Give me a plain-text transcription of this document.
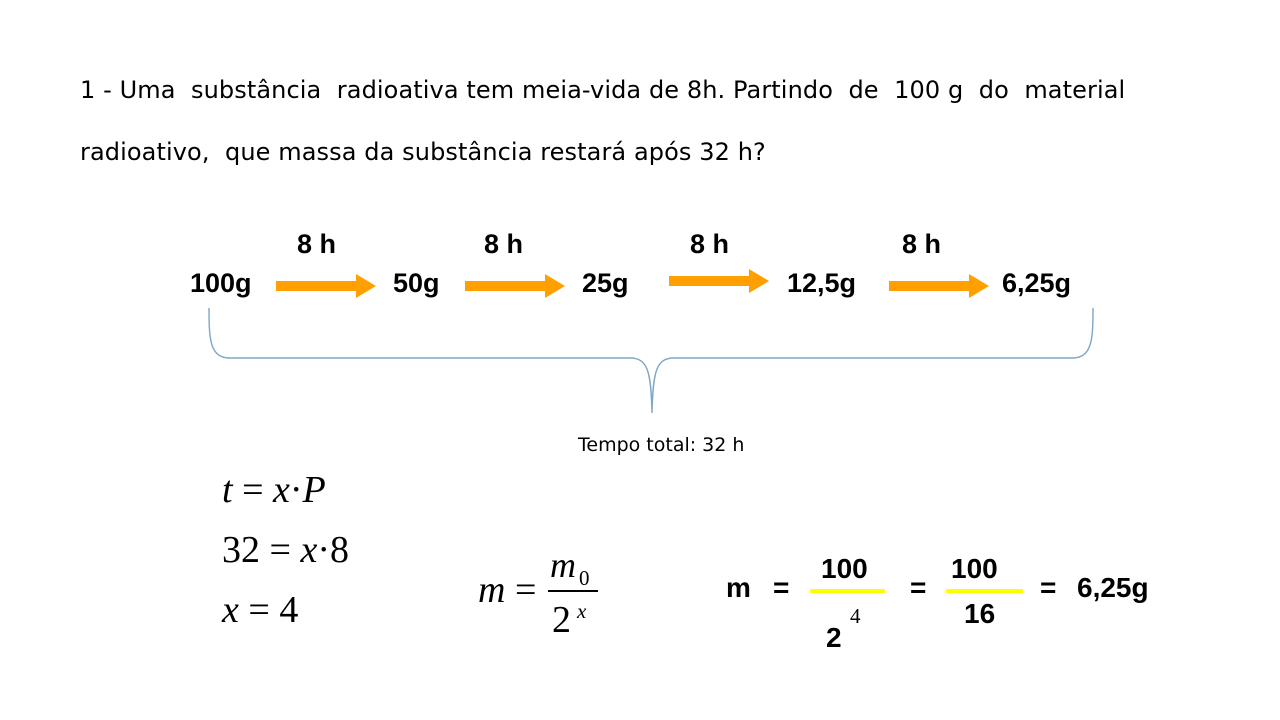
1 - Uma  substância  radioativa tem meia-vida de 8h. Partindo  de  100 g  do  material
radioativo,  que massa da substância restará após 32 h?
100g	50g	25g	12,5g	6,25g
8 h	8 h	8 h	8 h
Tempo total: 32 h
t = x·P
32 = x·8
x = 4	m =
m 0
2 x
m =
100
2
4
=
100
16
= 6,25g
